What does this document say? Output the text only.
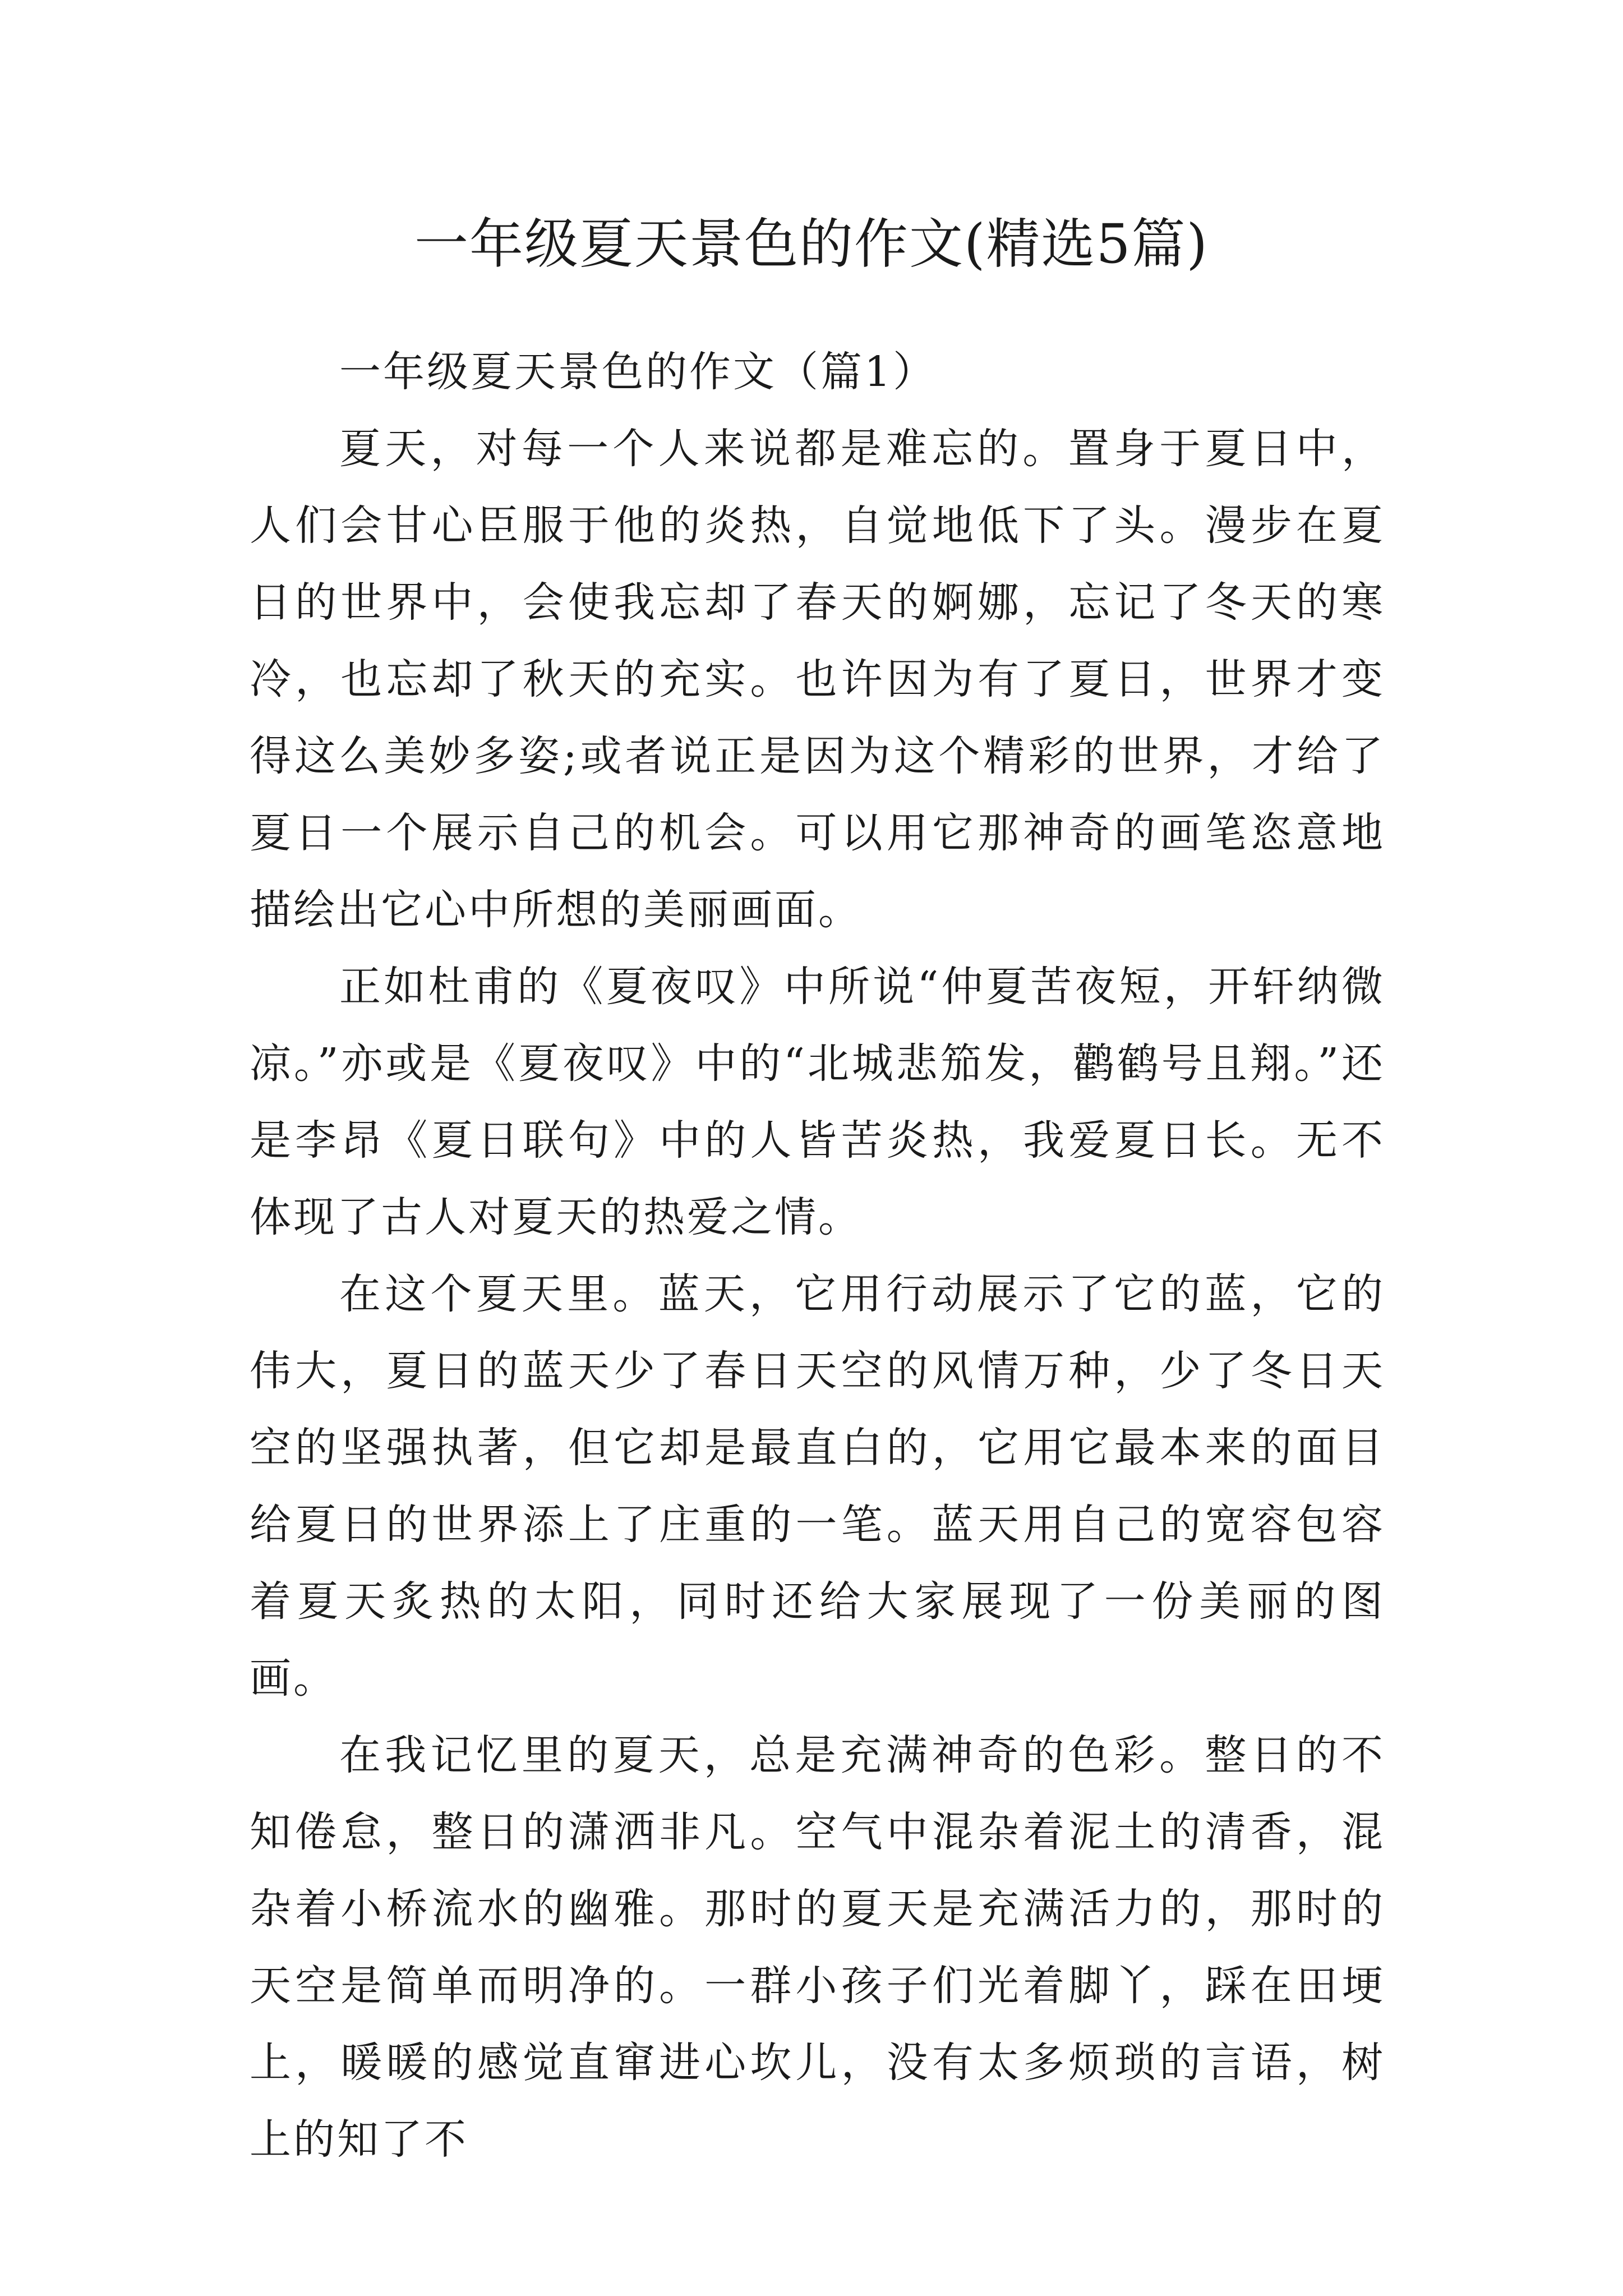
一年级夏天景色的作文(精选5篇)

一年级夏天景色的作文（篇1）

夏天，对每一个人来说都是难忘的。置身于夏日中，人们会甘心臣服于他的炎热，自觉地低下了头。漫步在夏日的世界中，会使我忘却了春天的婀娜，忘记了冬天的寒冷，也忘却了秋天的充实。也许因为有了夏日，世界才变得这么美妙多姿;或者说正是因为这个精彩的世界，才给了夏日一个展示自己的机会。可以用它那神奇的画笔恣意地描绘出它心中所想的美丽画面。

正如杜甫的《夏夜叹》中所说“仲夏苦夜短，开轩纳微凉。”亦或是《夏夜叹》中的“北城悲笳发，鹳鹤号且翔。”还是李昂《夏日联句》中的人皆苦炎热，我爱夏日长。无不体现了古人对夏天的热爱之情。

在这个夏天里。蓝天，它用行动展示了它的蓝，它的伟大，夏日的蓝天少了春日天空的风情万种，少了冬日天空的坚强执著，但它却是最直白的，它用它最本来的面目给夏日的世界添上了庄重的一笔。蓝天用自己的宽容包容着夏天炙热的太阳，同时还给大家展现了一份美丽的图画。

在我记忆里的夏天，总是充满神奇的色彩。整日的不知倦怠，整日的潇洒非凡。空气中混杂着泥土的清香，混杂着小桥流水的幽雅。那时的夏天是充满活力的，那时的天空是简单而明净的。一群小孩子们光着脚丫，踩在田埂上，暖暖的感觉直窜进心坎儿，没有太多烦琐的言语，树上的知了不
